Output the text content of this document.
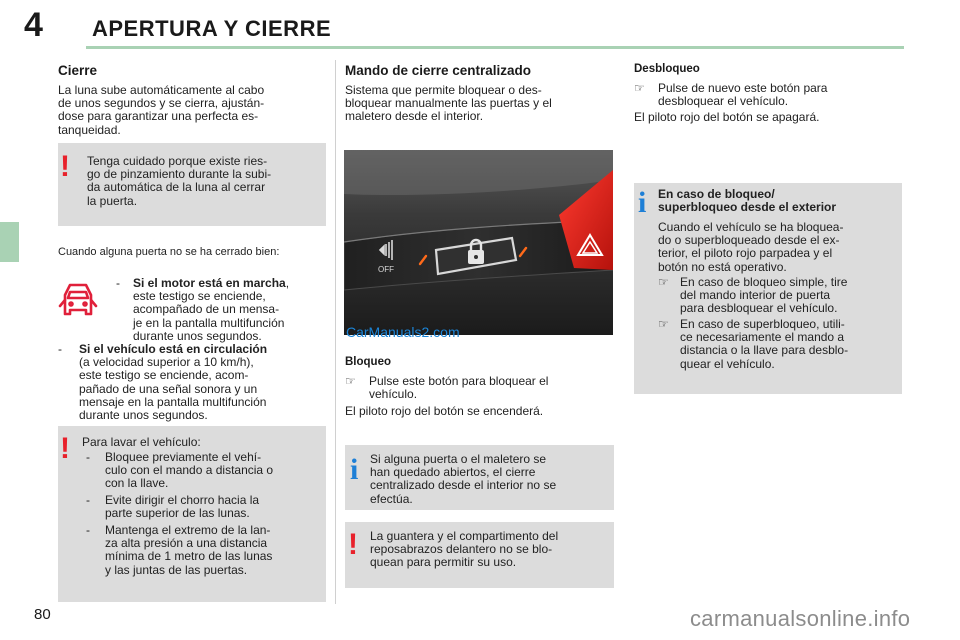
4 APERTURA Y CIERRE
Cierre
La luna sube automáticamente al cabo
de unos segundos y se cierra, ajustán-
dose para garantizar una perfecta es-
tanqueidad.
! Tenga cuidado porque existe ries-
go de pinzamiento durante la subi-
da automática de la luna al cerrar
la puerta.
Cuando alguna puerta no se ha cerrado bien:
- Si el motor está en marcha,
este testigo se enciende,
acompañado de un mensa-
je en la pantalla multifunción
durante unos segundos.
- Si el vehículo está en circulación
(a velocidad superior a 10 km/h),
este testigo se enciende, acom-
pañado de una señal sonora y un
mensaje en la pantalla multifunción
durante unos segundos.
! Para lavar el vehículo:
- Bloquee previamente el vehí-
culo con el mando a distancia o
con la llave.
- Evite dirigir el chorro hacia la
parte superior de las lunas.
- Mantenga el extremo de la lan-
za alta presión a una distancia
mínima de 1 metro de las lunas
y las juntas de las puertas.
Mando de cierre centralizado
Sistema que permite bloquear o des-
bloquear manualmente las puertas y el
maletero desde el interior.
OFF
CarManuals2.com
Bloqueo
☞ Pulse este botón para bloquear el
vehículo.
El piloto rojo del botón se encenderá.
i Si alguna puerta o el maletero se
han quedado abiertos, el cierre
centralizado desde el interior no se
efectúa.
! La guantera y el compartimento del
reposabrazos delantero no se blo-
quean para permitir su uso.
Desbloqueo
☞ Pulse de nuevo este botón para
desbloquear el vehículo.
El piloto rojo del botón se apagará.
i En caso de bloqueo/
superbloqueo desde el exterior
Cuando el vehículo se ha bloquea-
do o superbloqueado desde el ex-
terior, el piloto rojo parpadea y el
botón no está operativo.
☞ En caso de bloqueo simple, tire
del mando interior de puerta
para desbloquear el vehículo.
☞ En caso de superbloqueo, utili-
ce necesariamente el mando a
distancia o la llave para desblo-
quear el vehículo.
80	carmanualsonline.info
